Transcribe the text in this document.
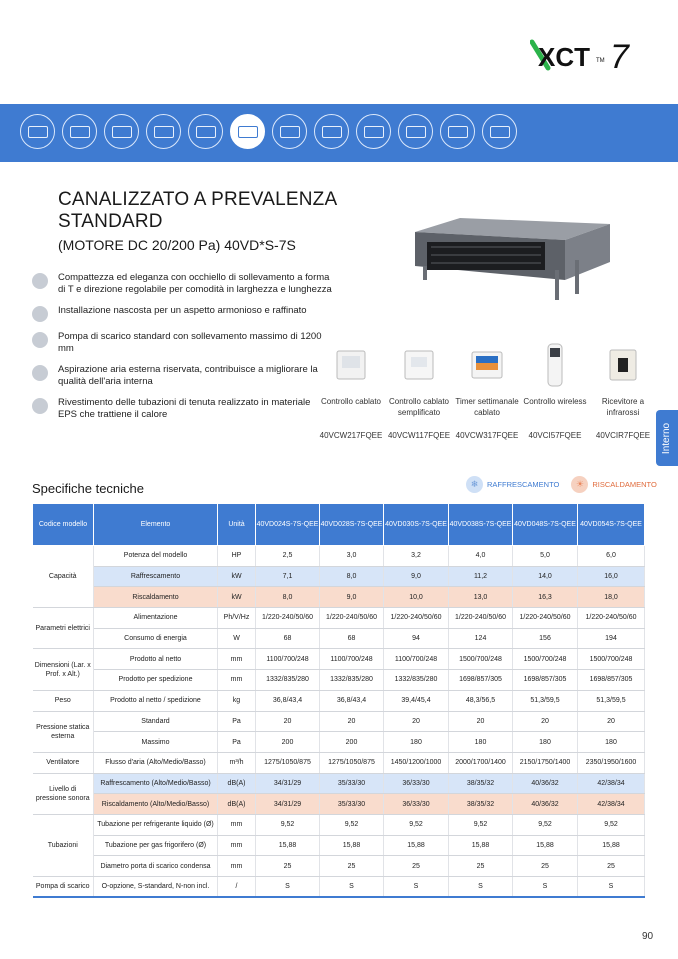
XCT TM 7
CANALIZZATO A PREVALENZA STANDARD
(MOTORE DC 20/200 Pa) 40VD*S-7S
Compattezza ed eleganza con occhiello di sollevamento a forma di T e direzione regolabile per comodità in larghezza e lunghezza
Installazione nascosta per un aspetto armonioso e raffinato
Pompa di scarico standard con sollevamento massimo di 1200 mm
Aspirazione aria esterna riservata, contribuisce a migliorare la qualità dell'aria interna
Rivestimento delle tubazioni di tenuta realizzato in materiale EPS che trattiene il calore
Controllo cablato
40VCW217FQEE
Controllo cablato semplificato
40VCW117FQEE
Timer settimanale cablato
40VCW317FQEE
Controllo wireless
40VCI57FQEE
Ricevitore a infrarossi
40VCIR7FQEE	Interno
Specifiche tecniche	❄	RAFFRESCAMENTO	☀	RISCALDAMENTO
Codice modello	Elemento	Unità	40VD024S-7S-QEE	40VD028S-7S-QEE	40VD030S-7S-QEE	40VD038S-7S-QEE	40VD048S-7S-QEE	40VD054S-7S-QEE
Capacità	Potenza del modello	HP	2,5	3,0	3,2	4,0	5,0	6,0
	Raffrescamento	kW	7,1	8,0	9,0	11,2	14,0	16,0
	Riscaldamento	kW	8,0	9,0	10,0	13,0	16,3	18,0
Parametri elettrici	Alimentazione	Ph/V/Hz	1/220-240/50/60	1/220-240/50/60	1/220-240/50/60	1/220-240/50/60	1/220-240/50/60	1/220-240/50/60
	Consumo di energia	W	68	68	94	124	156	194
Dimensioni (Lar. x Prof. x Alt.)	Prodotto al netto	mm	1100/700/248	1100/700/248	1100/700/248	1500/700/248	1500/700/248	1500/700/248
	Prodotto per spedizione	mm	1332/835/280	1332/835/280	1332/835/280	1698/857/305	1698/857/305	1698/857/305
Peso	Prodotto al netto / spedizione	kg	36,8/43,4	36,8/43,4	39,4/45,4	48,3/56,5	51,3/59,5	51,3/59,5
Pressione statica esterna	Standard	Pa	20	20	20	20	20	20
	Massimo	Pa	200	200	180	180	180	180
Ventilatore	Flusso d'aria (Alto/Medio/Basso)	m³/h	1275/1050/875	1275/1050/875	1450/1200/1000	2000/1700/1400	2150/1750/1400	2350/1950/1600
Livello di pressione sonora	Raffrescamento (Alto/Medio/Basso)	dB(A)	34/31/29	35/33/30	36/33/30	38/35/32	40/36/32	42/38/34
	Riscaldamento (Alto/Medio/Basso)	dB(A)	34/31/29	35/33/30	36/33/30	38/35/32	40/36/32	42/38/34
Tubazioni	Tubazione per refrigerante liquido (Ø)	mm	9,52	9,52	9,52	9,52	9,52	9,52
	Tubazione per gas frigorifero (Ø)	mm	15,88	15,88	15,88	15,88	15,88	15,88
	Diametro porta di scarico condensa	mm	25	25	25	25	25	25
Pompa di scarico	O-opzione, S-standard, N-non incl.	/	S	S	S	S	S	S
90
